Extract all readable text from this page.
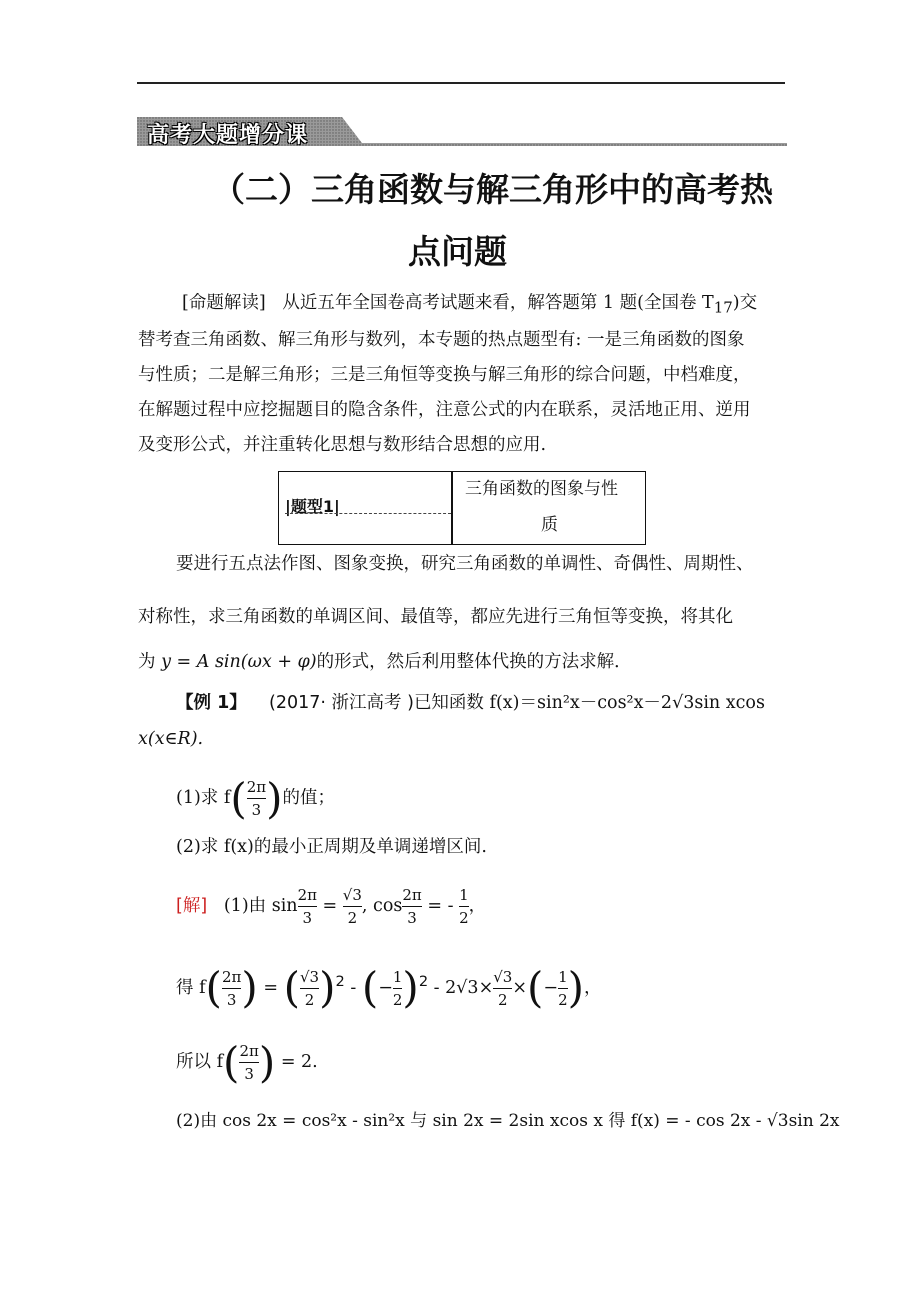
高考大题增分课
（二）三角函数与解三角形中的高考热
点问题
[命题解读] 从近五年全国卷高考试题来看，解答题第 1 题(全国卷 $T_{17}$)交
替考查三角函数、解三角形与数列，本专题的热点题型有: 一是三角函数的图象
与性质；二是解三角形；三是三角恒等变换与解三角形的综合问题，中档难度，
在解题过程中应挖掘题目的隐含条件，注意公式的内在联系，灵活地正用、逆用
及变形公式，并注重转化思想与数形结合思想的应用.
|题型1|
三角函数的图象与性
质
要进行五点法作图、图象变换，研究三角函数的单调性、奇偶性、周期性、
对称性，求三角函数的单调区间、最值等，都应先进行三角恒等变换，将其化
为 y = A sin(ωx + φ)的形式，然后利用整体代换的方法求解．
【例 1】 (2017· 浙江高考 )已知函数 f(x)＝sin²x－cos²x－2√3sin xcos
x(x∈R).
(1)求 $f( \frac{2\pi}{3}$ )的值；
(2)求 f(x)的最小正周期及单调递增区间.
[解] (1)由 $\sin \frac{2\pi}{3} = \frac{√3}{2}$ , $\cos \frac{2\pi}{3}$ = - $\frac{1}{2}$ ，
得 $f( \frac{2\pi}{3}$ ) = ( $\frac{√3}{2} )^2$ - (− $\frac{1}{2} )^2 - 2√3\times \frac{√3}{2}$ ×(− $\frac{1}{2}$ )，
所以 $f( \frac{2\pi}{3}$ ) = 2.
(2)由 cos 2x = cos²x - sin²x 与 sin 2x = 2sin xcos x 得 f(x) = - cos 2x - √3sin 2x
